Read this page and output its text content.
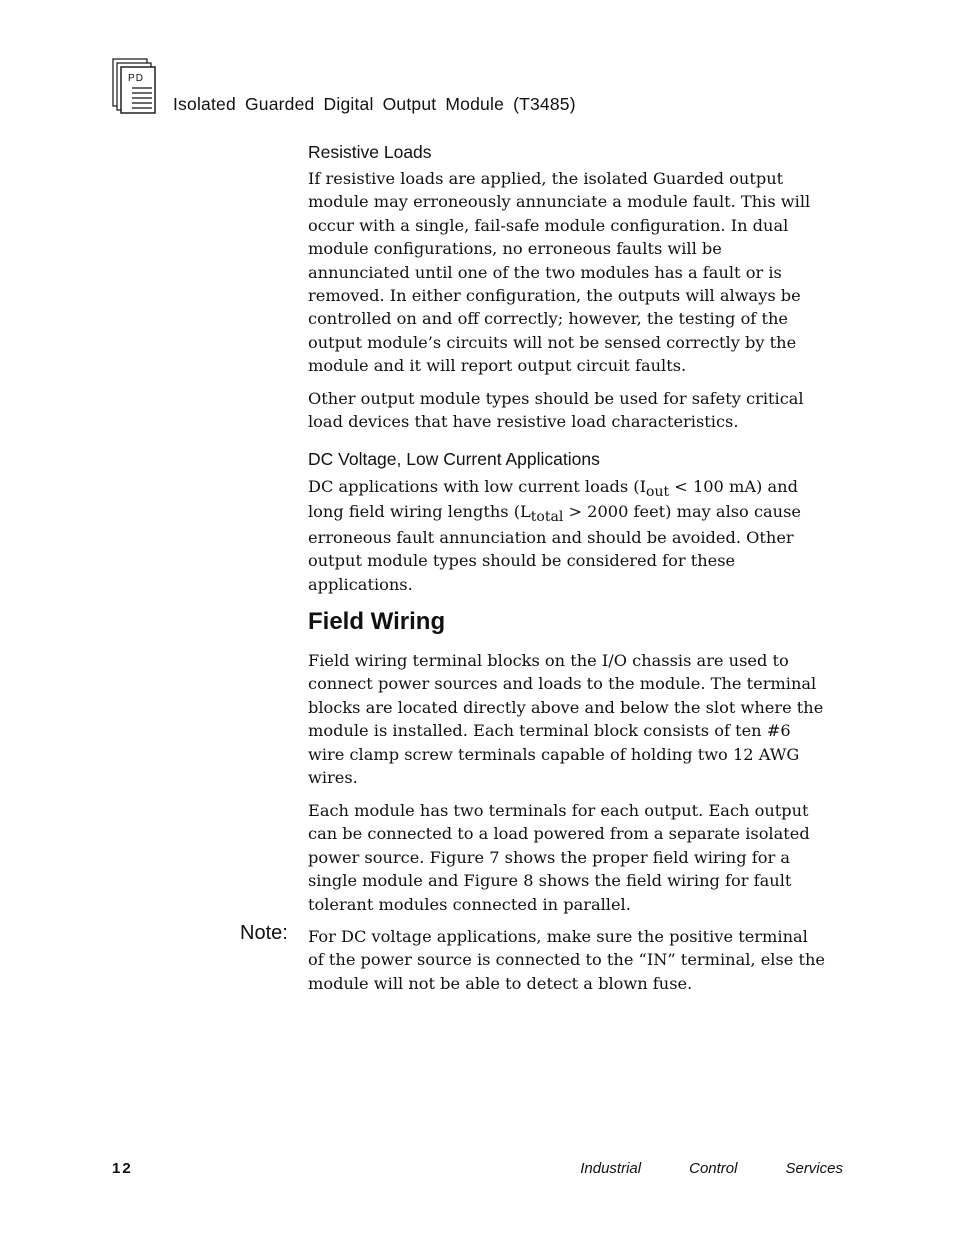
PD
Isolated Guarded Digital Output Module (T3485)
Resistive Loads

If resistive loads are applied, the isolated Guarded output
module may erroneously annunciate a module fault. This will
occur with a single, fail-safe module configuration. In dual
module configurations, no erroneous faults will be
annunciated until one of the two modules has a fault or is
removed. In either configuration, the outputs will always be
controlled on and off correctly; however, the testing of the
output module’s circuits will not be sensed correctly by the
module and it will report output circuit faults.

Other output module types should be used for safety critical
load devices that have resistive load characteristics.

DC Voltage, Low Current Applications

DC applications with low current loads (Iout < 100 mA) and
long field wiring lengths (Ltotal > 2000 feet) may also cause
erroneous fault annunciation and should be avoided. Other
output module types should be considered for these
applications.

Field Wiring

Field wiring terminal blocks on the I/O chassis are used to
connect power sources and loads to the module. The terminal
blocks are located directly above and below the slot where the
module is installed. Each terminal block consists of ten #6
wire clamp screw terminals capable of holding two 12 AWG
wires.

Each module has two terminals for each output. Each output
can be connected to a load powered from a separate isolated
power source. Figure 7 shows the proper field wiring for a
single module and Figure 8 shows the field wiring for fault
tolerant modules connected in parallel.

Note: For DC voltage applications, make sure the positive terminal
of the power source is connected to the “IN” terminal, else the
module will not be able to detect a blown fuse.

12	Industrial	Control	Services
